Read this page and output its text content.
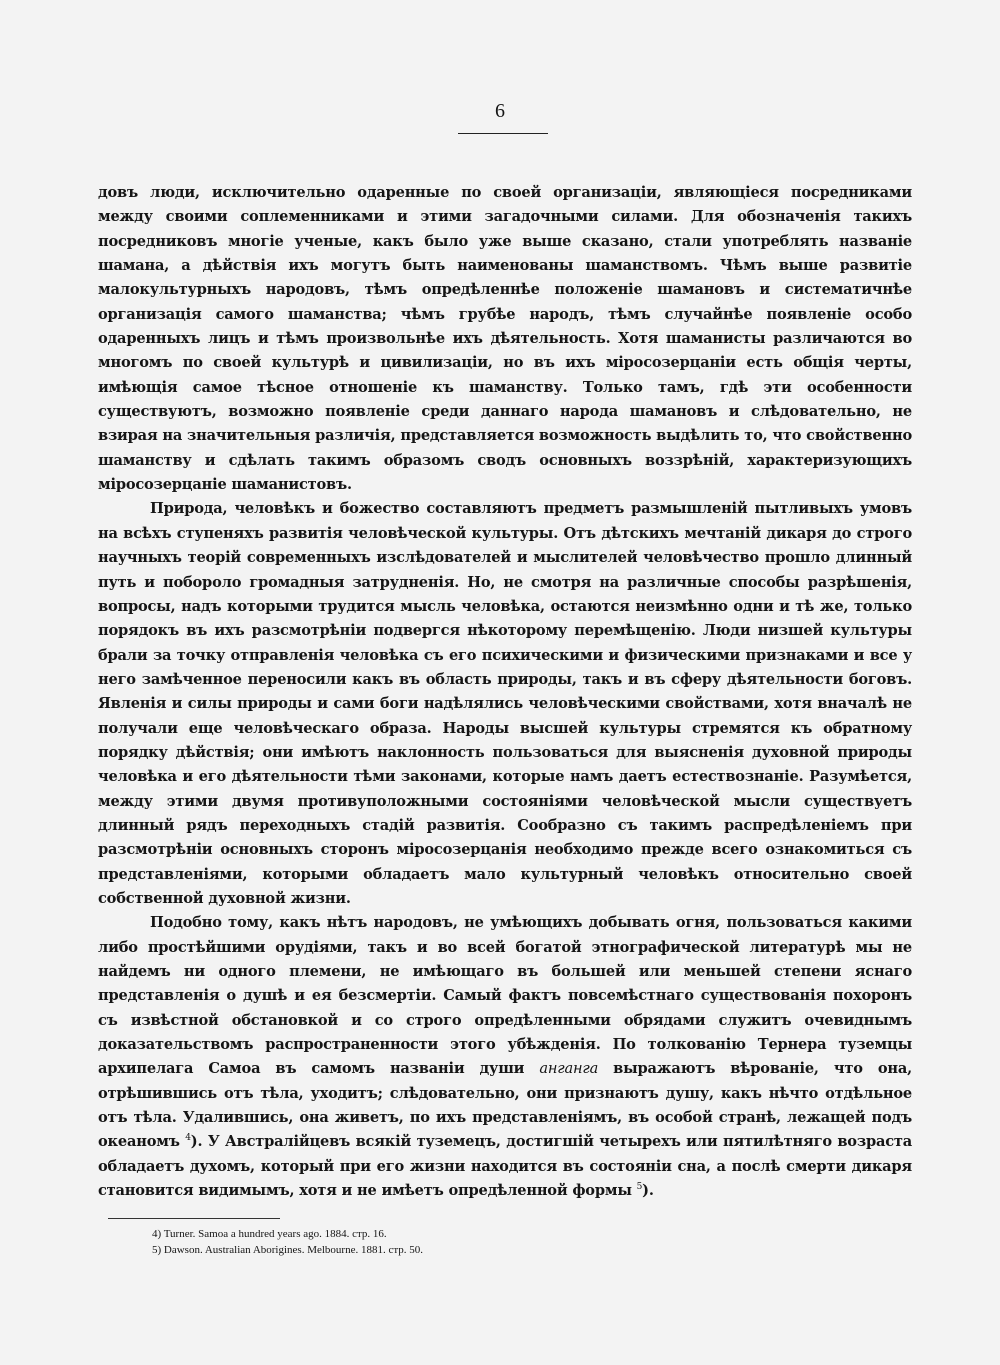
6

довъ люди, исключительно одаренные по своей организацiи, являющiеся посредниками между своими соплеменниками и этими загадочными силами. Для обозначенiя такихъ посредниковъ многiе ученые, какъ было уже выше сказано, стали употреблять названiе шамана, а дѣйствiя ихъ могутъ быть наименованы шаманствомъ. Чѣмъ выше развитiе малокультурныхъ народовъ, тѣмъ опредѣленнѣе положенiе шамановъ и систематичнѣе организацiя самого шаманства; чѣмъ грубѣе народъ, тѣмъ случайнѣе появленiе особо одаренныхъ лицъ и тѣмъ произвольнѣе ихъ дѣятельность. Хотя шаманисты различаются во многомъ по своей культурѣ и цивилизацiи, но въ ихъ мiросозерцанiи есть общiя черты, имѣющiя самое тѣсное отношенiе къ шаманству. Только тамъ, гдѣ эти особенности существуютъ, возможно появленiе среди даннаго народа шамановъ и слѣдовательно, не взирая на значительныя различiя, представляется возможность выдѣлить то, что свойственно шаманству и сдѣлать такимъ образомъ сводъ основныхъ воззрѣнiй, характеризующихъ мiросозерцанiе шаманистовъ.

Природа, человѣкъ и божество составляютъ предметъ размышленiй пытливыхъ умовъ на всѣхъ ступеняхъ развитiя человѣческой культуры. Отъ дѣтскихъ мечтанiй дикаря до строго научныхъ теорiй современныхъ изслѣдователей и мыслителей человѣчество прошло длинный путь и поборолo громадныя затрудненiя. Но, не смотря на различные способы разрѣшенiя, вопросы, надъ которыми трудится мысль человѣка, остаются неизмѣнно одни и тѣ же, только порядокъ въ ихъ разсмотрѣнiи подвергся нѣкоторому перемѣщенiю. Люди низшей культуры брали за точку отправленiя человѣка съ его психическими и физическими признаками и все у него замѣченное переносили какъ въ область природы, такъ и въ сферу дѣятельности боговъ. Явленiя и силы природы и сами боги надѣлялись человѣческими свойствами, хотя вначалѣ не получали еще человѣческаго образа. Народы высшей культуры стремятся къ обратному порядку дѣйствiя; они имѣютъ наклонность пользоваться для выясненiя духовной природы человѣка и его дѣятельности тѣми законами, которые намъ даетъ естествознанiе. Разумѣется, между этими двумя противуположными состоянiями человѣческой мысли существуетъ длинный рядъ переходныхъ стадiй развитiя. Сообразно съ такимъ распредѣленiемъ при разсмотрѣнiи основныхъ сторонъ мiросозерцанiя необходимо прежде всего ознакомиться съ представленiями, которыми обладаетъ мало культурный человѣкъ относительно своей собственной духовной жизни.

Подобно тому, какъ нѣтъ народовъ, не умѣющихъ добывать огня, пользоваться какими либо простѣйшими орудiями, такъ и во всей богатой этнографической литературѣ мы не найдемъ ни одного племени, не имѣющаго въ большей или меньшей степени яснаго представленiя о душѣ и ея безсмертiи. Самый фактъ повсемѣстнаго существованiя похоронъ съ извѣстной обстановкой и со строго опредѣленными обрядами служитъ очевиднымъ доказательствомъ распространенности этого убѣжденiя. По толкованiю Тернера туземцы архипелага Самоа въ самомъ названiи души ангангa выражаютъ вѣрованiе, что она, отрѣшившись отъ тѣла, уходитъ; слѣдовательно, они признаютъ душу, какъ нѣчто отдѣльное отъ тѣла. Удалившись, она живетъ, по ихъ представленiямъ, въ особой странѣ, лежащей подъ океаномъ $^4$). У Австралiйцевъ всякiй туземецъ, достигшiй четырехъ или пятилѣтняго возраста обладаетъ духомъ, который при его жизни находится въ состоянiи сна, а послѣ смерти дикаря становится видимымъ, хотя и не имѣетъ опредѣленной формы $^5$).

4) Turner. Samoa a hundred years ago. 1884. стр. 16.

5) Dawson. Australian Aborigines. Melbourne. 1881. стр. 50.
